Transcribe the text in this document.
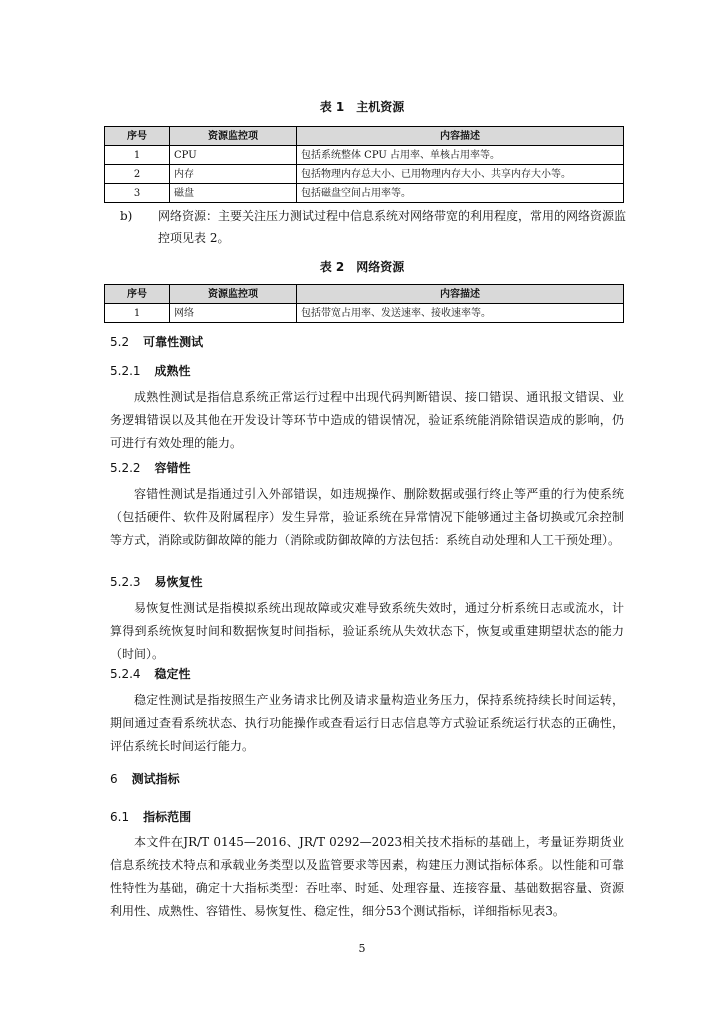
表 1　主机资源
序号	资源监控项	内容描述
1	CPU	包括系统整体 CPU 占用率、单核占用率等。
2	内存	包括物理内存总大小、已用物理内存大小、共享内存大小等。
3	磁盘	包括磁盘空间占用率等。
b)	网络资源：主要关注压力测试过程中信息系统对网络带宽的利用程度，常用的网络资源监控项见表 2。
表 2　网络资源
序号	资源监控项	内容描述
1	网络	包括带宽占用率、发送速率、接收速率等。
5.2 可靠性测试
5.2.1 成熟性

成熟性测试是指信息系统正常运行过程中出现代码判断错误、接口错误、通讯报文错误、业务逻辑错误以及其他在开发设计等环节中造成的错误情况，验证系统能消除错误造成的影响，仍可进行有效处理的能力。

5.2.2 容错性

容错性测试是指通过引入外部错误，如违规操作、删除数据或强行终止等严重的行为使系统（包括硬件、软件及附属程序）发生异常，验证系统在异常情况下能够通过主备切换或冗余控制等方式，消除或防御故障的能力（消除或防御故障的方法包括：系统自动处理和人工干预处理）。

5.2.3 易恢复性

易恢复性测试是指模拟系统出现故障或灾难导致系统失效时，通过分析系统日志或流水，计算得到系统恢复时间和数据恢复时间指标，验证系统从失效状态下，恢复或重建期望状态的能力（时间）。

5.2.4 稳定性

稳定性测试是指按照生产业务请求比例及请求量构造业务压力，保持系统持续长时间运转，期间通过查看系统状态、执行功能操作或查看运行日志信息等方式验证系统运行状态的正确性，评估系统长时间运行能力。

6 测试指标
6.1 指标范围

本文件在JR/T 0145—2016、JR/T 0292—2023相关技术指标的基础上，考量证券期货业信息系统技术特点和承载业务类型以及监管要求等因素，构建压力测试指标体系。以性能和可靠性特性为基础，确定十大指标类型：吞吐率、时延、处理容量、连接容量、基础数据容量、资源利用性、成熟性、容错性、易恢复性、稳定性，细分53个测试指标，详细指标见表3。

5
